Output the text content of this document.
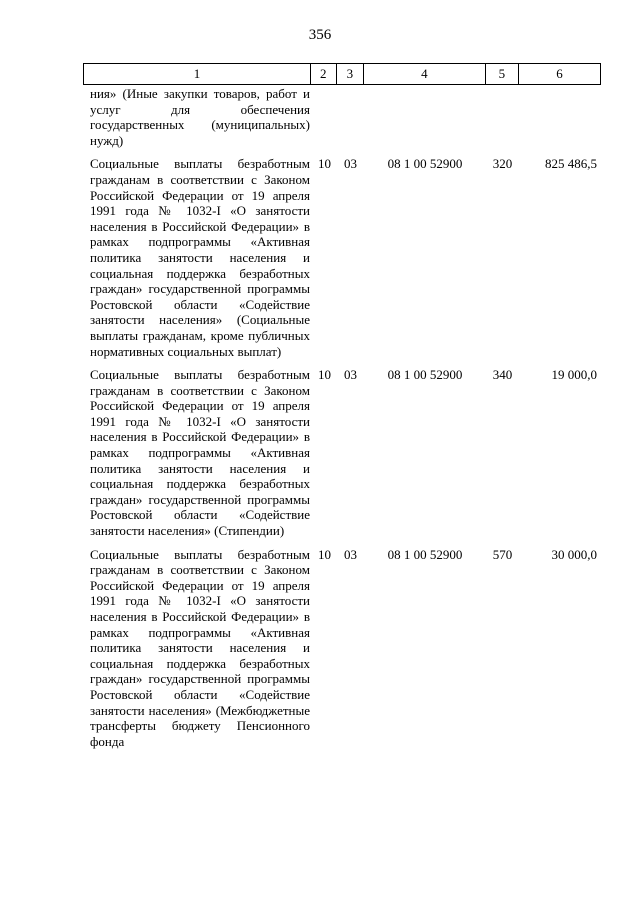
356
1	2	3	4	5	6
ния» (Иные закупки товаров, работ и услуг для обеспечения государственных (муниципальных) нужд)
Социальные выплаты безработным гражданам в соответствии с Законом Российской Федерации от 19 апреля 1991 года № 1032-I «О занятости населения в Российской Федерации» в рамках подпрограммы «Активная политика занятости населения и социальная поддержка безработных граждан» государственной программы Ростовской области «Содействие занятости населения» (Социальные выплаты гражданам, кроме публичных нормативных социальных выплат)
10	03	08 1 00 52900	320	825 486,5
Социальные выплаты безработным гражданам в соответствии с Законом Российской Федерации от 19 апреля 1991 года № 1032-I «О занятости населения в Российской Федерации» в рамках подпрограммы «Активная политика занятости населения и социальная поддержка безработных граждан» государственной программы Ростовской области «Содействие занятости населения» (Стипендии)
10	03	08 1 00 52900	340	19 000,0
Социальные выплаты безработным гражданам в соответствии с Законом Российской Федерации от 19 апреля 1991 года № 1032-I «О занятости населения в Российской Федерации» в рамках подпрограммы «Активная политика занятости населения и социальная поддержка безработных граждан» государственной программы Ростовской области «Содействие занятости населения» (Межбюджетные трансферты бюджету Пенсионного фонда
10	03	08 1 00 52900	570	30 000,0
